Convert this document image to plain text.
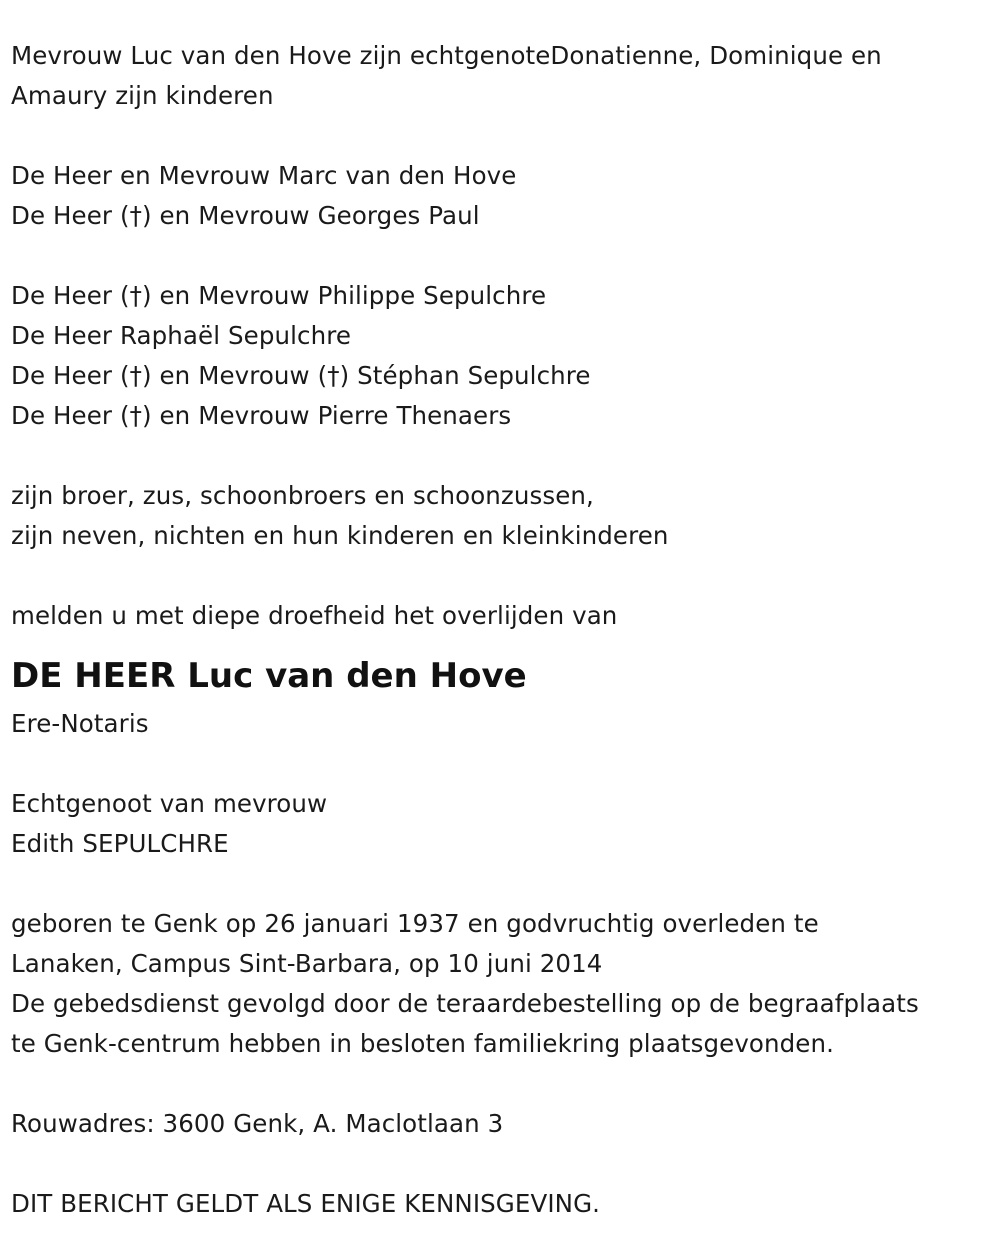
Mevrouw Luc van den Hove zijn echtgenoteDonatienne, Dominique en
Amaury zijn kinderen
De Heer en Mevrouw Marc van den Hove
De Heer (†) en Mevrouw Georges Paul
De Heer (†) en Mevrouw Philippe Sepulchre
De Heer Raphaël Sepulchre
De Heer (†) en Mevrouw (†) Stéphan Sepulchre
De Heer (†) en Mevrouw Pierre Thenaers
zijn broer, zus, schoonbroers en schoonzussen,
zijn neven, nichten en hun kinderen en kleinkinderen
melden u met diepe droefheid het overlijden van
DE HEER Luc van den Hove
Ere-Notaris
Echtgenoot van mevrouw
Edith SEPULCHRE
geboren te Genk op 26 januari 1937 en godvruchtig overleden te
Lanaken, Campus Sint-Barbara, op 10 juni 2014
De gebedsdienst gevolgd door de teraardebestelling op de begraafplaats
te Genk-centrum hebben in besloten familiekring plaatsgevonden.
Rouwadres: 3600 Genk, A. Maclotlaan 3
DIT BERICHT GELDT ALS ENIGE KENNISGEVING.
